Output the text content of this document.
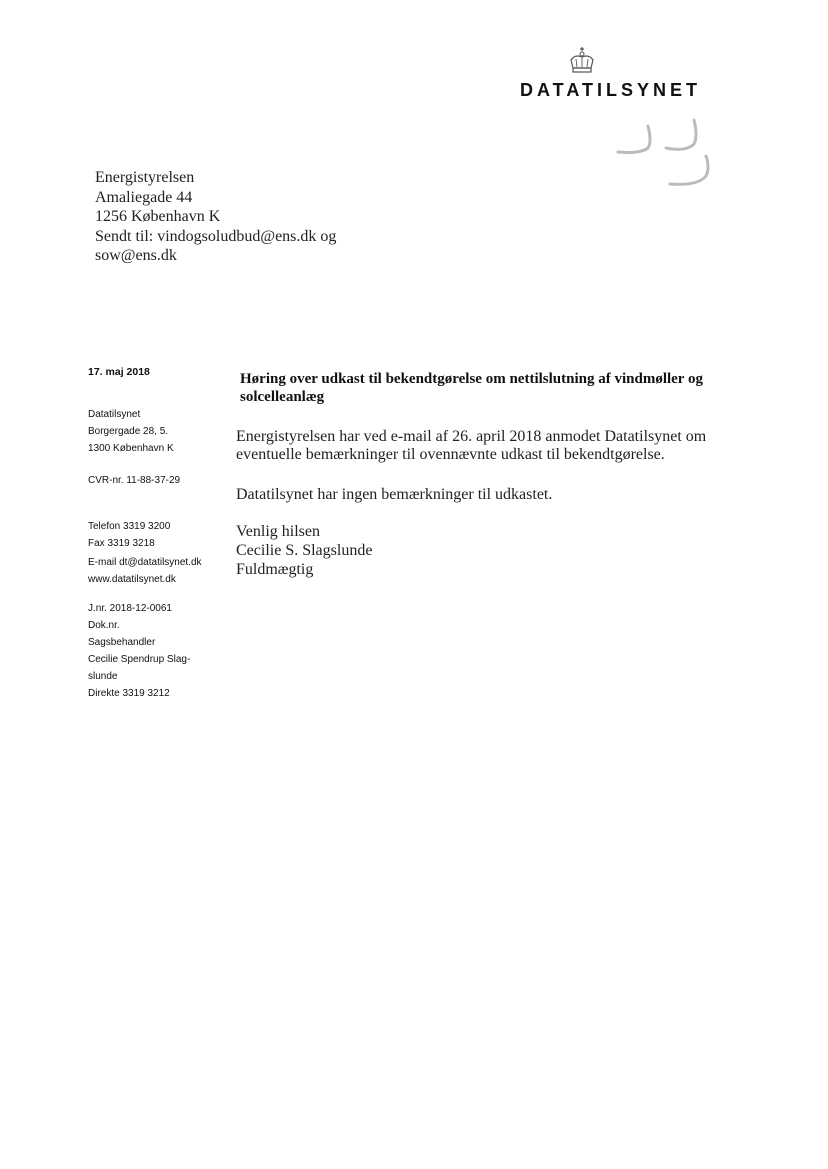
DATATILSYNET
Energistyrelsen
Amaliegade 44
1256 København K
Sendt til: vindogsoludbud@ens.dk og
sow@ens.dk
17. maj 2018
Datatilsynet
Borgergade 28, 5.
1300 København K
CVR-nr. 11-88-37-29
Telefon 3319 3200
Fax 3319 3218
E-mail dt@datatilsynet.dk
www.datatilsynet.dk
J.nr. 2018-12-0061
Dok.nr.
Sagsbehandler
Cecilie Spendrup Slag-
slunde
Direkte 3319 3212
Høring over udkast til bekendtgørelse om nettilslutning af vindmøller og solcelleanlæg
Energistyrelsen har ved e-mail af 26. april 2018 anmodet Datatilsynet om eventuelle bemærkninger til ovennævnte udkast til bekendtgørelse.
Datatilsynet har ingen bemærkninger til udkastet.
Venlig hilsen
Cecilie S. Slagslunde
Fuldmægtig
